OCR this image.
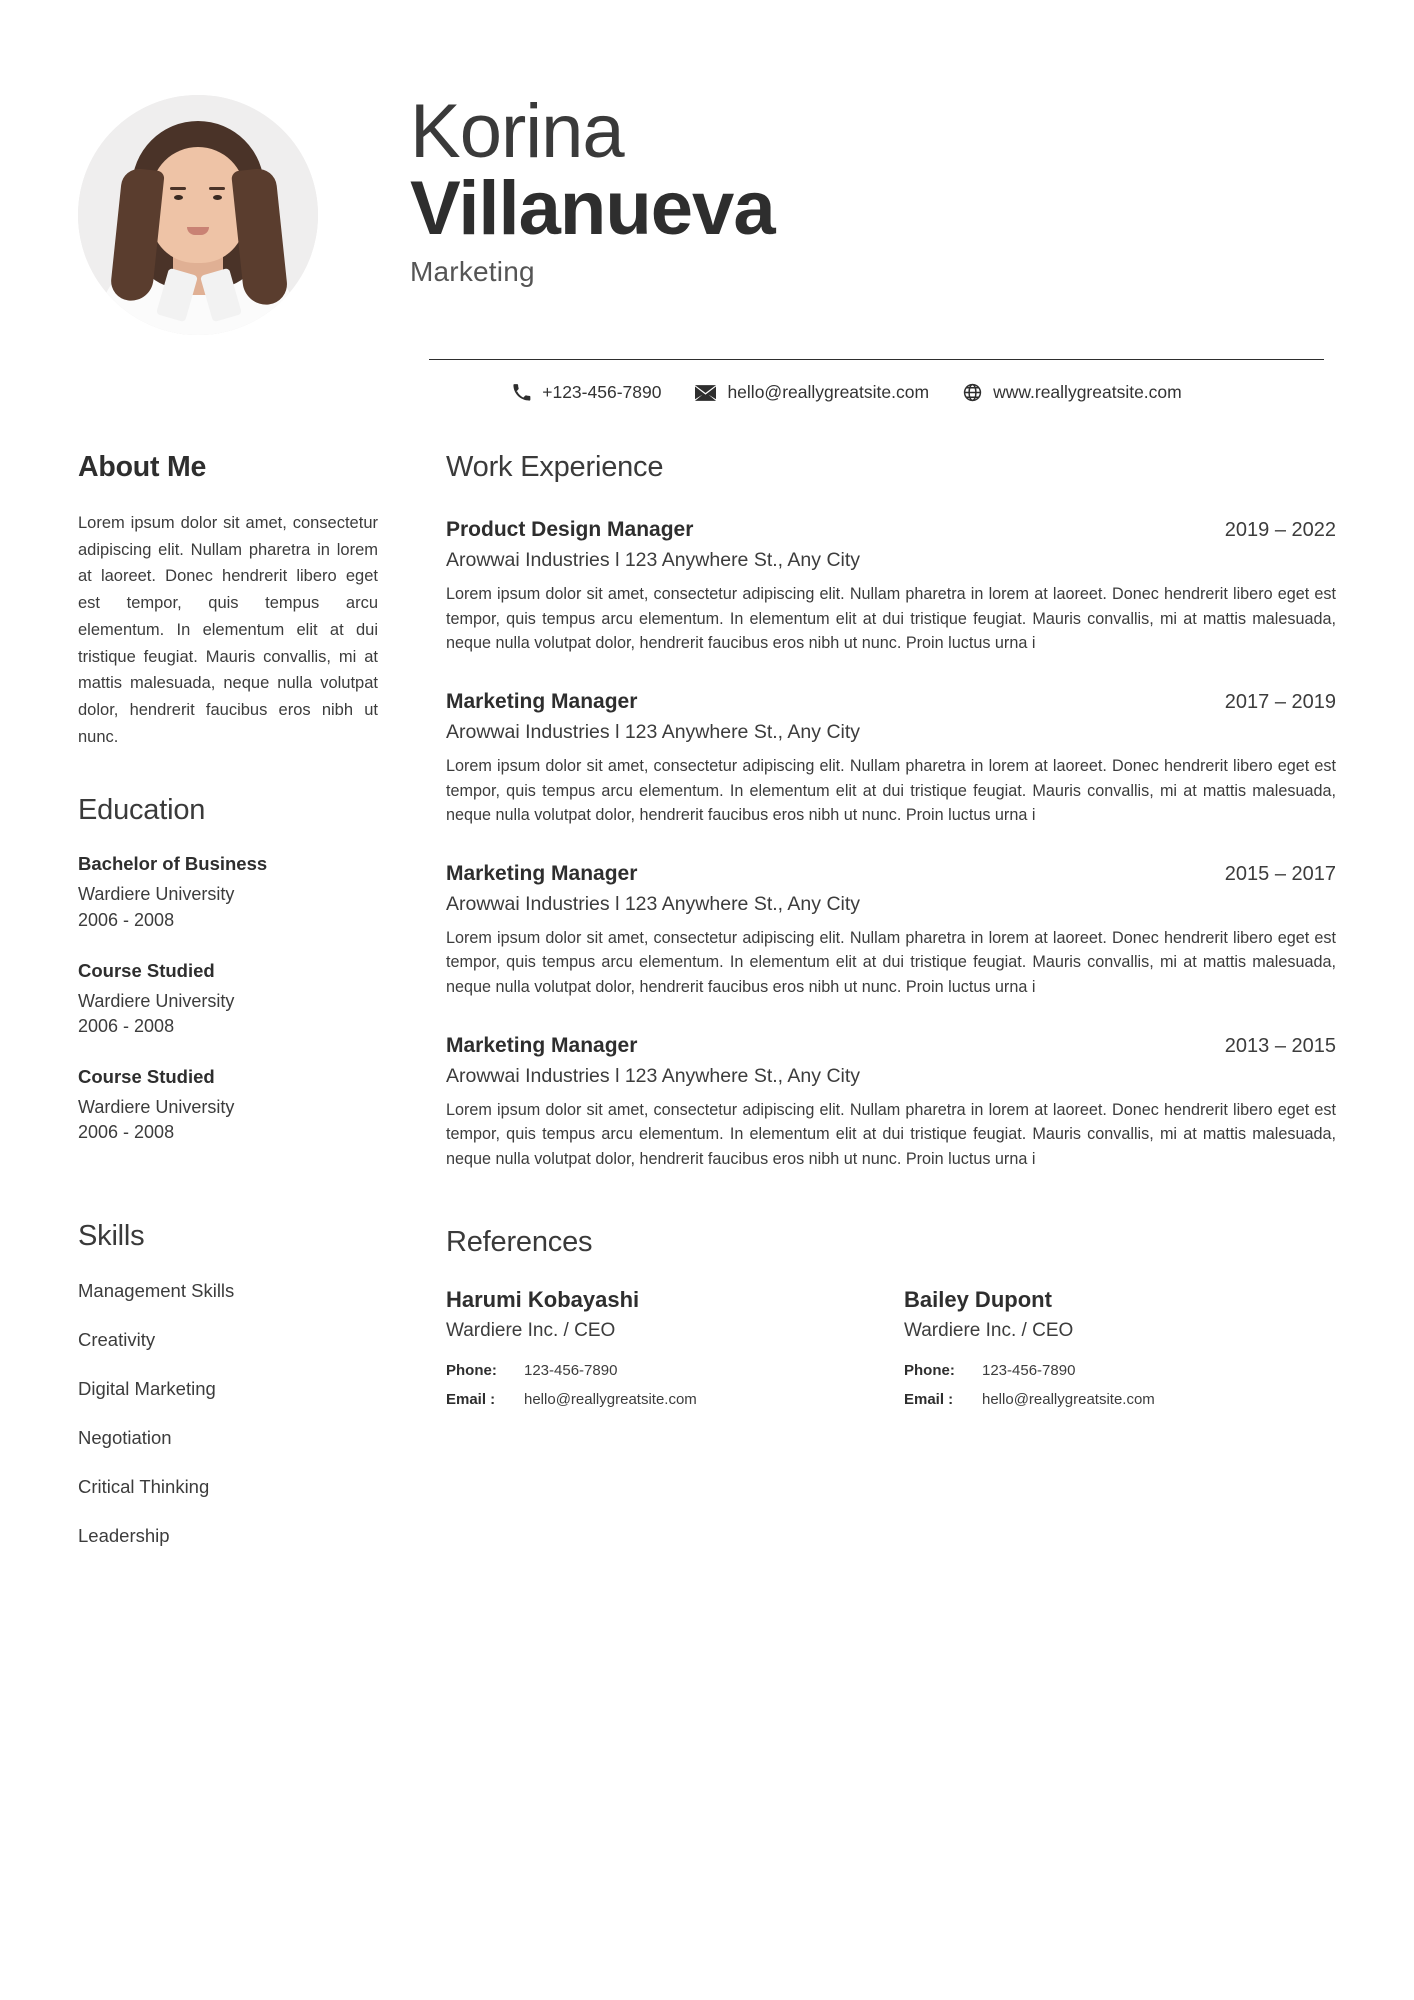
Korina
Villanueva
Marketing
+123-456-7890	hello@reallygreatsite.com	www.reallygreatsite.com
About Me
Lorem ipsum dolor sit amet, consectetur adipiscing elit. Nullam pharetra in lorem at laoreet. Donec hendrerit libero eget est tempor, quis tempus arcu elementum. In elementum elit at dui tristique feugiat. Mauris convallis, mi at mattis malesuada, neque nulla volutpat dolor, hendrerit faucibus eros nibh ut nunc.
Education
Bachelor of Business
Wardiere University
2006 - 2008
Course Studied
Wardiere University
2006 - 2008
Course Studied
Wardiere University
2006 - 2008
Skills
Management Skills
Creativity
Digital Marketing
Negotiation
Critical Thinking
Leadership
Work Experience
Product Design Manager	2019 – 2022
Arowwai Industries l 123 Anywhere St., Any City
Lorem ipsum dolor sit amet, consectetur adipiscing elit. Nullam pharetra in lorem at laoreet. Donec hendrerit libero eget est tempor, quis tempus arcu elementum. In elementum elit at dui tristique feugiat. Mauris convallis, mi at mattis malesuada, neque nulla volutpat dolor, hendrerit faucibus eros nibh ut nunc. Proin luctus urna i
Marketing Manager	2017 – 2019
Arowwai Industries l 123 Anywhere St., Any City
Lorem ipsum dolor sit amet, consectetur adipiscing elit. Nullam pharetra in lorem at laoreet. Donec hendrerit libero eget est tempor, quis tempus arcu elementum. In elementum elit at dui tristique feugiat. Mauris convallis, mi at mattis malesuada, neque nulla volutpat dolor, hendrerit faucibus eros nibh ut nunc. Proin luctus urna i
Marketing Manager	2015 – 2017
Arowwai Industries l 123 Anywhere St., Any City
Lorem ipsum dolor sit amet, consectetur adipiscing elit. Nullam pharetra in lorem at laoreet. Donec hendrerit libero eget est tempor, quis tempus arcu elementum. In elementum elit at dui tristique feugiat. Mauris convallis, mi at mattis malesuada, neque nulla volutpat dolor, hendrerit faucibus eros nibh ut nunc. Proin luctus urna i
Marketing Manager	2013 – 2015
Arowwai Industries l 123 Anywhere St., Any City
Lorem ipsum dolor sit amet, consectetur adipiscing elit. Nullam pharetra in lorem at laoreet. Donec hendrerit libero eget est tempor, quis tempus arcu elementum. In elementum elit at dui tristique feugiat. Mauris convallis, mi at mattis malesuada, neque nulla volutpat dolor, hendrerit faucibus eros nibh ut nunc. Proin luctus urna i
References
Harumi Kobayashi
Wardiere Inc. / CEO
Phone:	123-456-7890
Email :	hello@reallygreatsite.com
Bailey Dupont
Wardiere Inc. / CEO
Phone:	123-456-7890
Email :	hello@reallygreatsite.com
